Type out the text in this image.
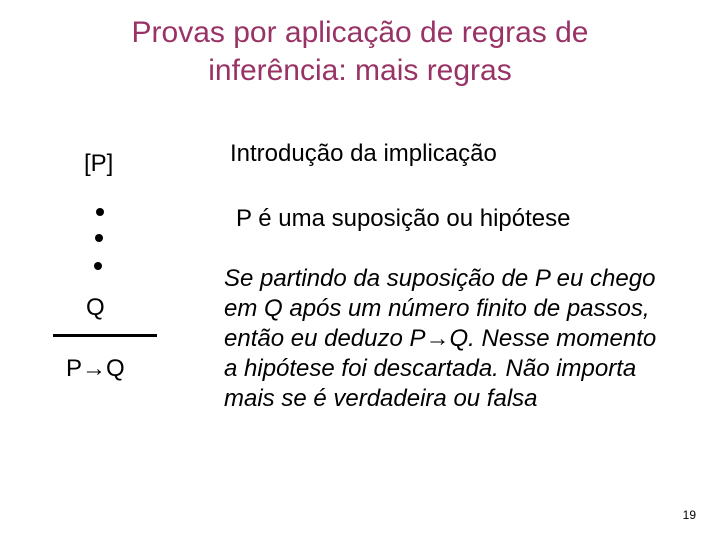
Provas por aplicação de regras de
inferência: mais regras
[P]
Q
P→Q
Introdução da implicação
P é uma suposição ou hipótese
Se partindo da suposição de P eu chego em Q após um número finito de passos, então eu deduzo P→Q. Nesse momento a hipótese foi descartada. Não importa mais se é verdadeira ou falsa
19
